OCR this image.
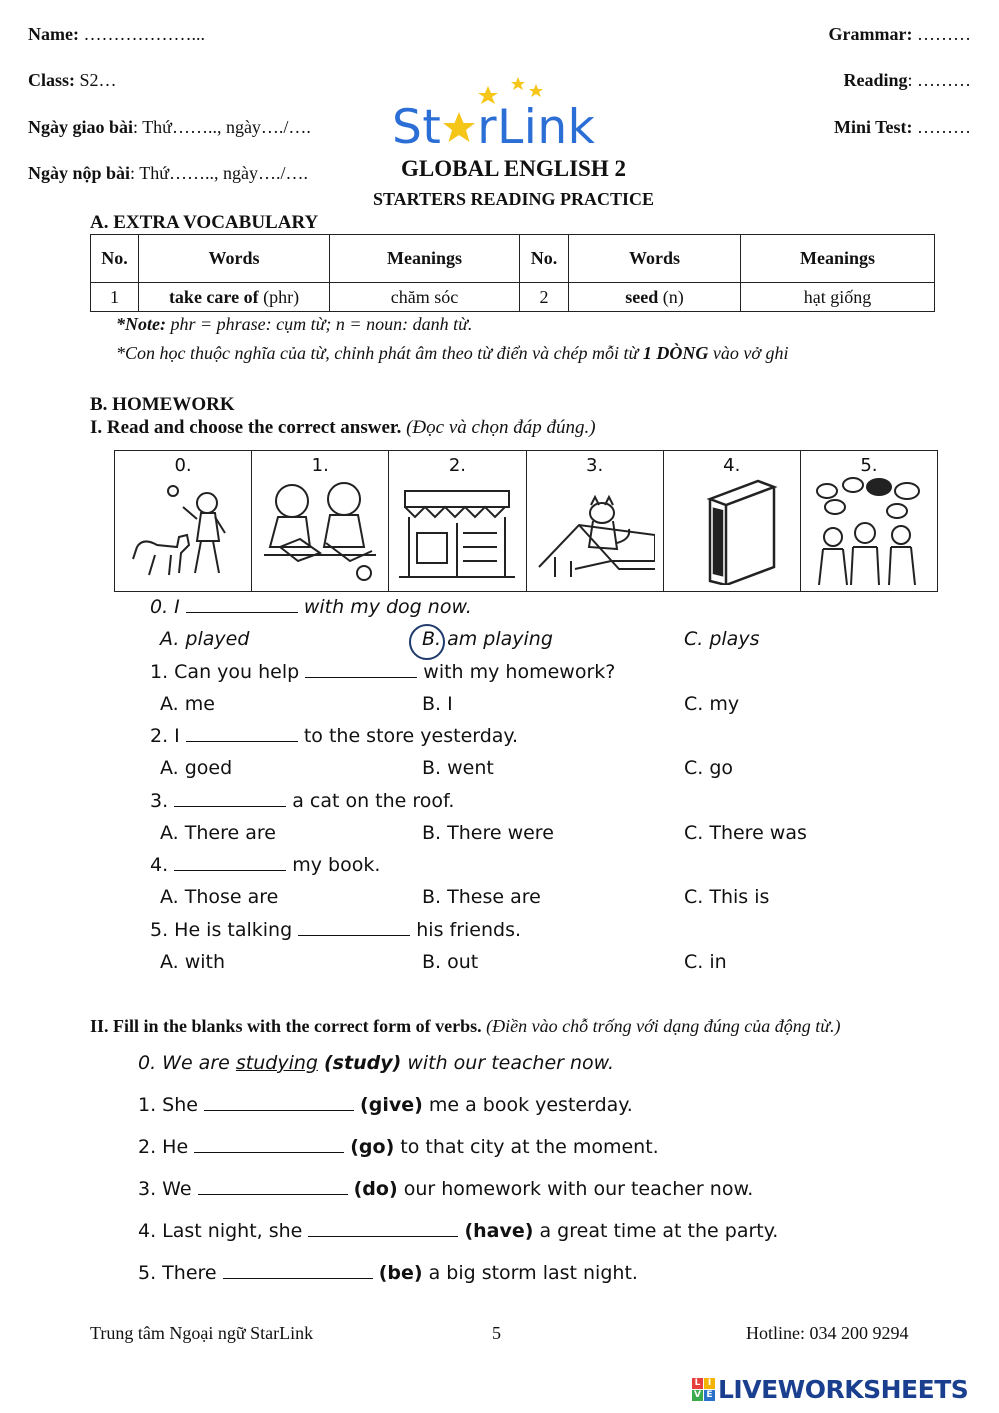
Name: ………………...
Class: S2…
Ngày giao bài: Thứ…….., ngày…./….
Ngày nộp bài: Thứ…….., ngày…./….
Grammar: ………
Reading: ………
Mini Test: ………
St rLink
GLOBAL ENGLISH 2
STARTERS READING PRACTICE
A. EXTRA VOCABULARY
No.	Words	Meanings	No.	Words	Meanings
1	take care of (phr)	chăm sóc	2	seed (n)	hạt giống
*Note: phr = phrase: cụm từ; n = noun: danh từ.
*Con học thuộc nghĩa của từ, chỉnh phát âm theo từ điển và chép mỗi từ 1 DÒNG vào vở ghi
B. HOMEWORK
I. Read and choose the correct answer. (Đọc và chọn đáp đúng.)
0.	1.	2.	3.	4.	5.
0. I	with my dog now.
A. played	B. am playing	C. plays
1. Can you help	with my homework?
A. me	B. I	C. my
2. I	to the store yesterday.
A. goed	B. went	C. go
3.	a cat on the roof.
A. There are	B. There were	C. There was
4.	my book.
A. Those are	B. These are	C. This is
5. He is talking	his friends.
A. with	B. out	C. in
II. Fill in the blanks with the correct form of verbs. (Điền vào chỗ trống với dạng đúng của động từ.)
0. We are studying (study) with our teacher now.
1. She	(give) me a book yesterday.
2. He	(go) to that city at the moment.
3. We	(do) our homework with our teacher now.
4. Last night, she	(have) a great time at the party.
5. There	(be) a big storm last night.
Trung tâm Ngoại ngữ StarLink	5	Hotline: 034 200 9294
L I
V E LIVEWORKSHEETS
